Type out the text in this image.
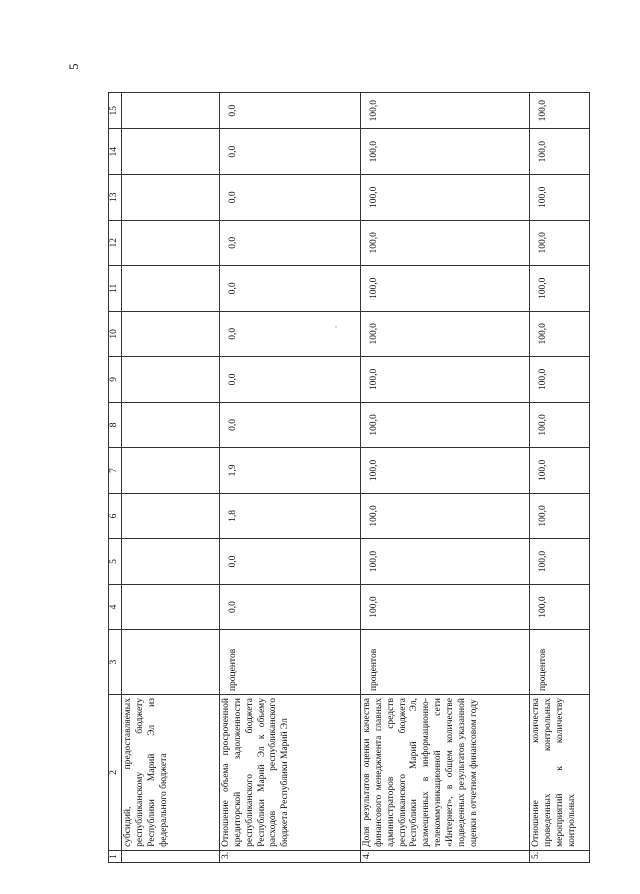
5
1	2	3	4	5	6	7	8	9	10	11	12	13	14	15
	субсидий, предоставляемых республиканскому бюджету Республики Марий Эл из федерального бюджета													
3.	Отношение объема просроченной кредиторской задолженности республиканского бюджета Республики Марий Эл к объему расходов республиканского бюджета Республики Марий Эл	процентов	0,0	0,0	1,8	1,9	0,0	0,0	0,0	0,0	0,0	0,0	0,0	0,0
4.	Доля результатов оценки качества финансового менеджмента главных администраторов средств республиканского бюджета Республики Марий Эл, размещенных в информационно-телекоммуникационной сети «Интернет», в общем количестве подведенных результатов указанной оценки в отчетном финансовом году	процентов	100,0	100,0	100,0	100,0	100,0	100,0	100,0	100,0	100,0	100,0	100,0	100,0
5.	Отношение количества проведенных контрольных мероприятий к количеству контрольных	процентов	100,0	100,0	100,0	100,0	100,0	100,0	100,0	100,0	100,0	100,0	100,0	100,0
